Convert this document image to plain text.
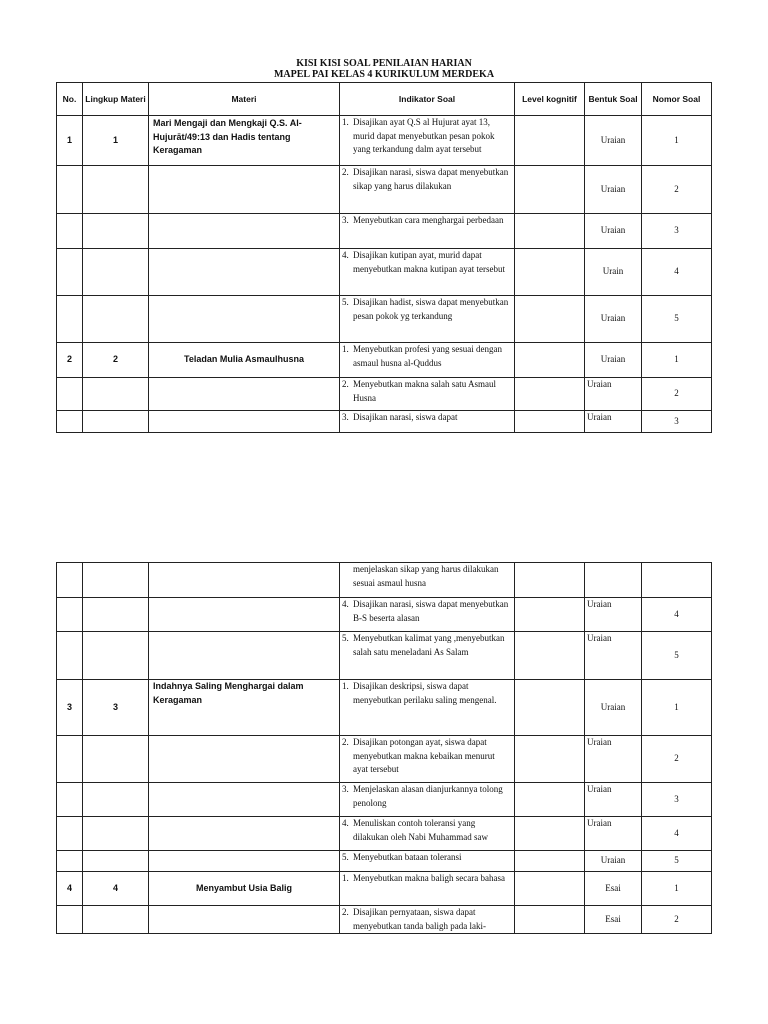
KISI KISI SOAL PENILAIAN HARIAN
MAPEL PAI KELAS 4 KURIKULUM MERDEKA
No.	Lingkup Materi	Materi	Indikator Soal	Level kognitif	Bentuk Soal	Nomor Soal
1	1	Mari Mengaji dan Mengkaji Q.S. Al-Hujurāt/49:13 dan Hadis tentang Keragaman	1. Disajikan ayat Q.S al Hujurat ayat 13, murid dapat menyebutkan pesan pokok yang terkandung dalm ayat tersebut		Uraian	1

			2. Disajikan narasi, siswa dapat menyebutkan sikap yang harus dilakukan		Uraian	2

			3. Menyebutkan cara menghargai perbedaan		Uraian	3

			4. Disajikan kutipan ayat, murid dapat menyebutkan makna kutipan ayat tersebut		Urain	4

			5. Disajikan hadist, siswa dapat menyebutkan pesan pokok yg terkandung		Uraian	5
2	2	Teladan Mulia Asmaulhusna	1. Menyebutkan profesi yang sesuai dengan asmaul husna al-Quddus		Uraian	1

			2. Menyebutkan makna salah satu Asmaul Husna		Uraian	2

			3. Disajikan narasi, siswa dapat		Uraian	3

			menjelaskan sikap yang harus dilakukan sesuai asmaul husna			

			4. Disajikan narasi, siswa dapat menyebutkan B-S beserta alasan		Uraian	4

			5. Menyebutkan kalimat yang ,menyebutkan salah satu meneladani As Salam		Uraian	5
3	3	Indahnya Saling Menghargai dalam Keragaman	1. Disajikan deskripsi, siswa dapat menyebutkan perilaku saling mengenal.		Uraian	1

			2. Disajikan potongan ayat, siswa dapat menyebutkan makna kebaikan menurut ayat tersebut		Uraian	2

			3. Menjelaskan alasan dianjurkannya tolong penolong		Uraian	3

			4. Menuliskan contoh toleransi yang dilakukan oleh Nabi Muhammad saw		Uraian	4

			5. Menyebutkan bataan toleransi		Uraian	5
4	4	Menyambut Usia Balig	1. Menyebutkan makna baligh secara bahasa		Esai	1

			2. Disajikan pernyataan, siswa dapat menyebutkan tanda baligh pada laki-		Esai	2
